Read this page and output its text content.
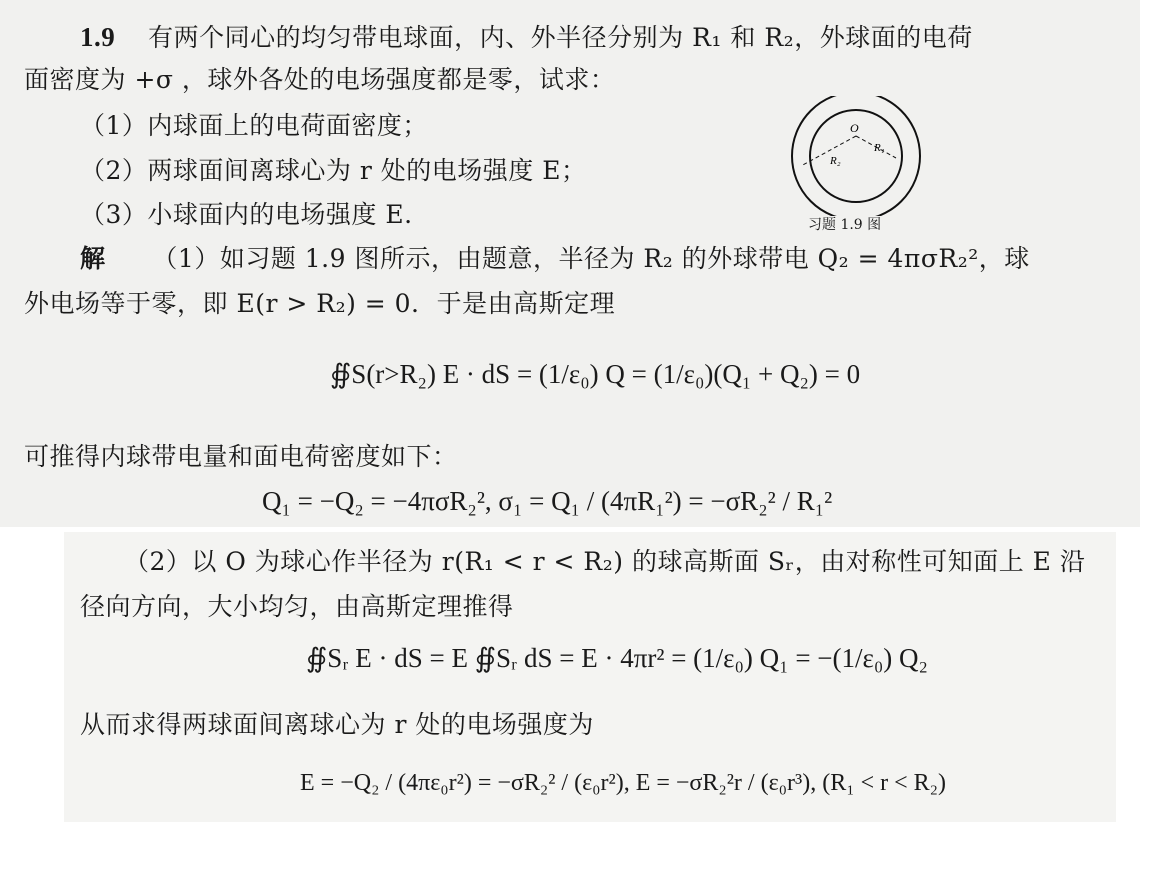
1.9 有两个同心的均匀带电球面，内、外半径分别为 R₁ 和 R₂，外球面的电荷
面密度为 +σ ，球外各处的电场强度都是零，试求：
（1）内球面上的电荷面密度；
（2）两球面间离球心为 r 处的电场强度 E；
（3）小球面内的电场强度 E.
O
R₂
R₁
习题 1.9 图
解 （1）如习题 1.9 图所示，由题意，半径为 R₂ 的外球带电 Q₂ = 4πσR₂²，球
外电场等于零，即 E(r > R₂) = 0．于是由高斯定理
∯S(r>R₂) E · dS = (1/ε₀) Q = (1/ε₀)(Q₁ + Q₂) = 0
可推得内球带电量和面电荷密度如下：
Q₁ = −Q₂ = −4πσR₂², σ₁ = Q₁ / (4πR₁²) = −σR₂² / R₁²
（2）以 O 为球心作半径为 r(R₁ < r < R₂) 的球高斯面 Sᵣ，由对称性可知面上 E 沿
径向方向，大小均匀，由高斯定理推得
∯Sᵣ E · dS = E ∯Sᵣ dS = E · 4πr² = (1/ε₀) Q₁ = −(1/ε₀) Q₂
从而求得两球面间离球心为 r 处的电场强度为
E = −Q₂ / (4πε₀r²) = −σR₂² / (ε₀r²), E = −σR₂²r / (ε₀r³), (R₁ < r < R₂)
